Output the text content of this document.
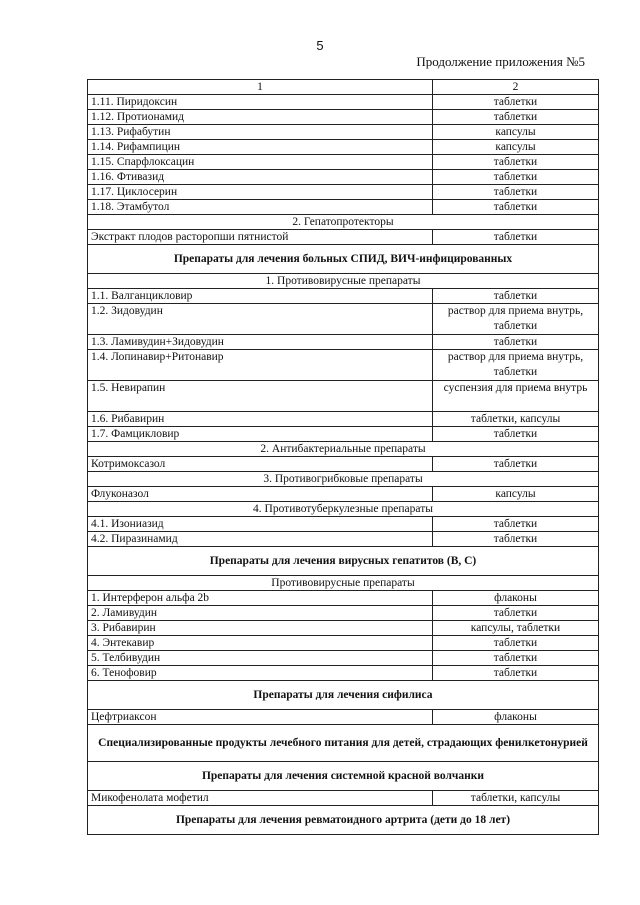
5
Продолжение приложения №5
1	2
1.11. Пиридоксин	таблетки
1.12. Протионамид	таблетки
1.13. Рифабутин	капсулы
1.14. Рифампицин	капсулы
1.15. Спарфлоксацин	таблетки
1.16. Фтивазид	таблетки
1.17. Циклосерин	таблетки
1.18. Этамбутол	таблетки
2. Гепатопротекторы	
Экстракт плодов расторопши пятнистой	таблетки
Препараты для лечения больных СПИД, ВИЧ-инфицированных	
1. Противовирусные препараты	
1.1. Валганцикловир	таблетки
1.2. Зидовудин	раствор для приема внутрь, таблетки
1.3. Ламивудин+Зидовудин	таблетки
1.4. Лопинавир+Ритонавир	раствор для приема внутрь, таблетки
1.5. Невирапин	суспензия для приема внутрь
1.6. Рибавирин	таблетки, капсулы
1.7. Фамцикловир	таблетки
2. Антибактериальные препараты	
Котримоксазол	таблетки
3. Противогрибковые препараты	
Флуконазол	капсулы
4. Противотуберкулезные препараты	
4.1. Изониазид	таблетки
4.2. Пиразинамид	таблетки
Препараты для лечения вирусных гепатитов (В, С)	
Противовирусные препараты	
1. Интерферон альфа 2b	флаконы
2. Ламивудин	таблетки
3. Рибавирин	капсулы, таблетки
4. Энтекавир	таблетки
5. Телбивудин	таблетки
6. Тенофовир	таблетки
Препараты для лечения сифилиса	
Цефтриаксон	флаконы
Специализированные продукты лечебного питания для детей, страдающих фенилкетонурией	
Препараты для лечения системной красной волчанки	
Микофенолата мофетил	таблетки, капсулы
Препараты для лечения ревматоидного артрита (дети до 18 лет)	
